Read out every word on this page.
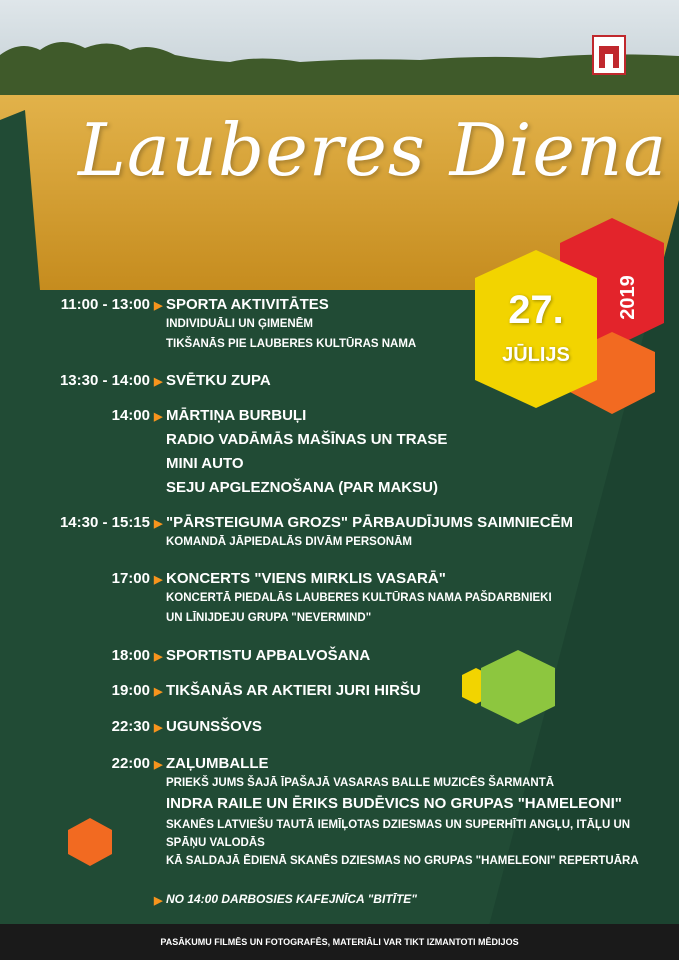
Lauberes Diena
27.
JŪLIJS
2019
11:00 - 13:00 ▶ SPORTA AKTIVITĀTES
INDIVIDUĀLI UN ĢIMENĒM
TIKŠANĀS PIE LAUBERES KULTŪRAS NAMA
13:30 - 14:00 ▶ SVĒTKU ZUPA
14:00 ▶ MĀRTIŅA BURBUĻI
RADIO VADĀMĀS MAŠĪNAS UN TRASE
MINI AUTO
SEJU APGLEZNOŠANA (PAR MAKSU)
14:30 - 15:15 ▶ "PĀRSTEIGUMA GROZS" PĀRBAUDĪJUMS SAIMNIECĒM
KOMANDĀ JĀPIEDALĀS DIVĀM PERSONĀM
17:00 ▶ KONCERTS "VIENS MIRKLIS VASARĀ"
KONCERTĀ PIEDALĀS LAUBERES KULTŪRAS NAMA PAŠDARBNIEKI
UN LĪNIJDEJU GRUPA "NEVERMIND"
18:00 ▶ SPORTISTU APBALVOŠANA
19:00 ▶ TIKŠANĀS AR AKTIERI JURI HIRŠU
22:30 ▶ UGUNSŠOVS
22:00 ▶ ZAĻUMBALLE
PRIEKŠ JUMS ŠAJĀ ĪPAŠAJĀ VASARAS BALLE MUZICĒS ŠARMANTĀ
INDRA RAILE UN ĒRIKS BUDĒVICS NO GRUPAS "HAMELEONI"
SKANĒS LATVIEŠU TAUTĀ IEMĪĻOTAS DZIESMAS UN SUPERHĪTI ANGĻU, ITĀĻU UN
SPĀŅU VALODĀS
KĀ SALDAJĀ ĒDIENĀ SKANĒS DZIESMAS NO GRUPAS "HAMELEONI" REPERTUĀRA
▶ NO 14:00 DARBOSIES KAFEJNĪCA "BITĪTE"
PASĀKUMU FILMĒS UN FOTOGRAFĒS, MATERIĀLI VAR TIKT IZMANTOTI MĒDIJOS
